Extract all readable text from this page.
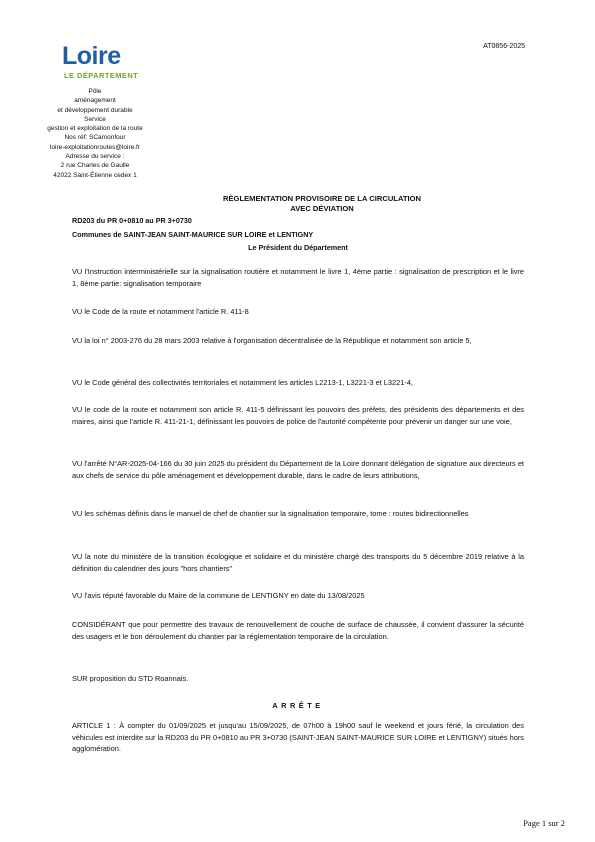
Loire
LE DÉPARTEMENT
AT0856-2025
Pôle
aménagement
et développement durable
Service
gestion et exploitation de la route
Nos réf: SCamonfour
loire-exploitationroutes@loire.fr
Adresse du service :
2 rue Charles de Gaulle
42022 Saint-Étienne cedex 1
RÈGLEMENTATION PROVISOIRE DE LA CIRCULATION
AVEC DÉVIATION
RD203 du PR 0+0810 au PR 3+0730
Communes de SAINT-JEAN SAINT-MAURICE SUR LOIRE et LENTIGNY
Le Président du Département
VU l'Instruction interministérielle sur la signalisation routière et notamment le livre 1, 4ème partie : signalisation de prescription et le livre 1, 8ème partie: signalisation temporaire
VU le Code de la route et notamment l'article R. 411-8
VU la loi n° 2003-276 du 28 mars 2003 relative à l'organisation décentralisée de la République et notamment son article 5,
VU le Code général des collectivités territoriales et notamment les articles L2213-1, L3221-3 et L3221-4,
VU le code de la route et notamment son article R. 411-5 définissant les pouvoirs des préfets, des présidents des départements et des maires, ainsi que l'article R. 411-21-1, définissant les pouvoirs de police de l'autorité compétente pour prévenir un danger sur une voie,
VU l'arrêté N°AR-2025-04-166 du 30 juin 2025 du président du Département de la Loire donnant délégation de signature aux directeurs et aux chefs de service du pôle aménagement et développement durable, dans le cadre de leurs attributions,
VU les schémas définis dans le manuel de chef de chantier sur la signalisation temporaire, tome : routes bidirectionnelles
VU la note du ministère de la transition écologique et solidaire et du ministère chargé des transports du 5 décembre 2019 relative à la définition du calendrier des jours "hors chantiers"
VU l'avis réputé favorable du Maire de la commune de LENTIGNY en date du 13/08/2025
CONSIDÉRANT que pour permettre des travaux de renouvellement de couche de surface de chaussée, il convient d'assurer la sécurité des usagers et le bon déroulement du chantier par la réglementation temporaire de la circulation.
SUR proposition du STD Roannais.
ARRÊTE
ARTICLE 1 : À compter du 01/09/2025 et jusqu'au 15/09/2025, de 07h00 à 19h00 sauf le weekend et jours férié, la circulation des véhicules est interdite sur la RD203 du PR 0+0810 au PR 3+0730 (SAINT-JEAN SAINT-MAURICE SUR LOIRE et LENTIGNY) situés hors agglomération.
Page 1 sur 2
